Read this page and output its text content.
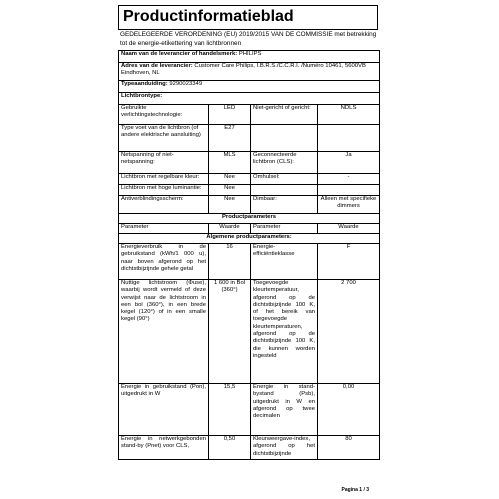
Productinformatieblad
GEDELEGEERDE VERORDENING (EU) 2019/2015 VAN DE COMMISSIE met betrekking tot de energie-etikettering van lichtbronnen
Naam van de leverancier of handelsmerk: PHILIPS			
Adres van de leverancier: Customer Care Philips, I.B.R.S./C.C.R.I. /Numéro 10461, 5600VB Eindhoven, NL			
Typeaanduiding: 9290023349			
Lichtbrontype:			
Gebruikte verlichtingstechnologie:	LED	Niet-gericht of gericht:	NDLS
Type voet van de lichtbron (of andere elektrische aansluiting)	E27		
Netspanning of niet-netspanning:	MLS	Geconnecteerde lichtbron (CLS):	Ja
Lichtbron met regelbare kleur:	Nee	Omhulsel:	-
Lichtbron met hoge luminantie:	Nee		
Antiverblindingsscherm:	Nee	Dimbaar:	Alleen met specifieke dimmers
Productparameters			
Parameter	Waarde	Parameter	Waarde
Algemene productparameters:			
Energieverbruik in de gebruikstand (kWh/1 000 u), naar boven afgerond op het dichtstbijzijnde gehele getal	16	Energie-efficiëntieklasse	F
Nuttige lichtstroom (Φuse), waarbij wordt vermeld of deze verwijst naar de lichtstroom in een bol (360°), in een brede kegel (120°) of in een smalle kegel (90°)	1 600 in Bol (360°)	Toegevoegde kleurtemperatuur, afgerond op de dichtstbijzijnde 100 K, of het bereik van toegevoegde kleurtemperaturen, afgerond op de dichtstbijzijnde 100 K, die kunnen worden ingesteld	2 700
Energie in gebruikstand (Pon), uitgedrukt in W	15,5	Energie in stand-bystand (Psb), uitgedrukt in W en afgerond op twee decimalen	0,00
Energie in netwerkgebonden stand-by (Pnet) voor CLS,	0,50	Kleurweergave-index, afgerond op het dichtstbijzijnde	80
Pagina 1 / 3
